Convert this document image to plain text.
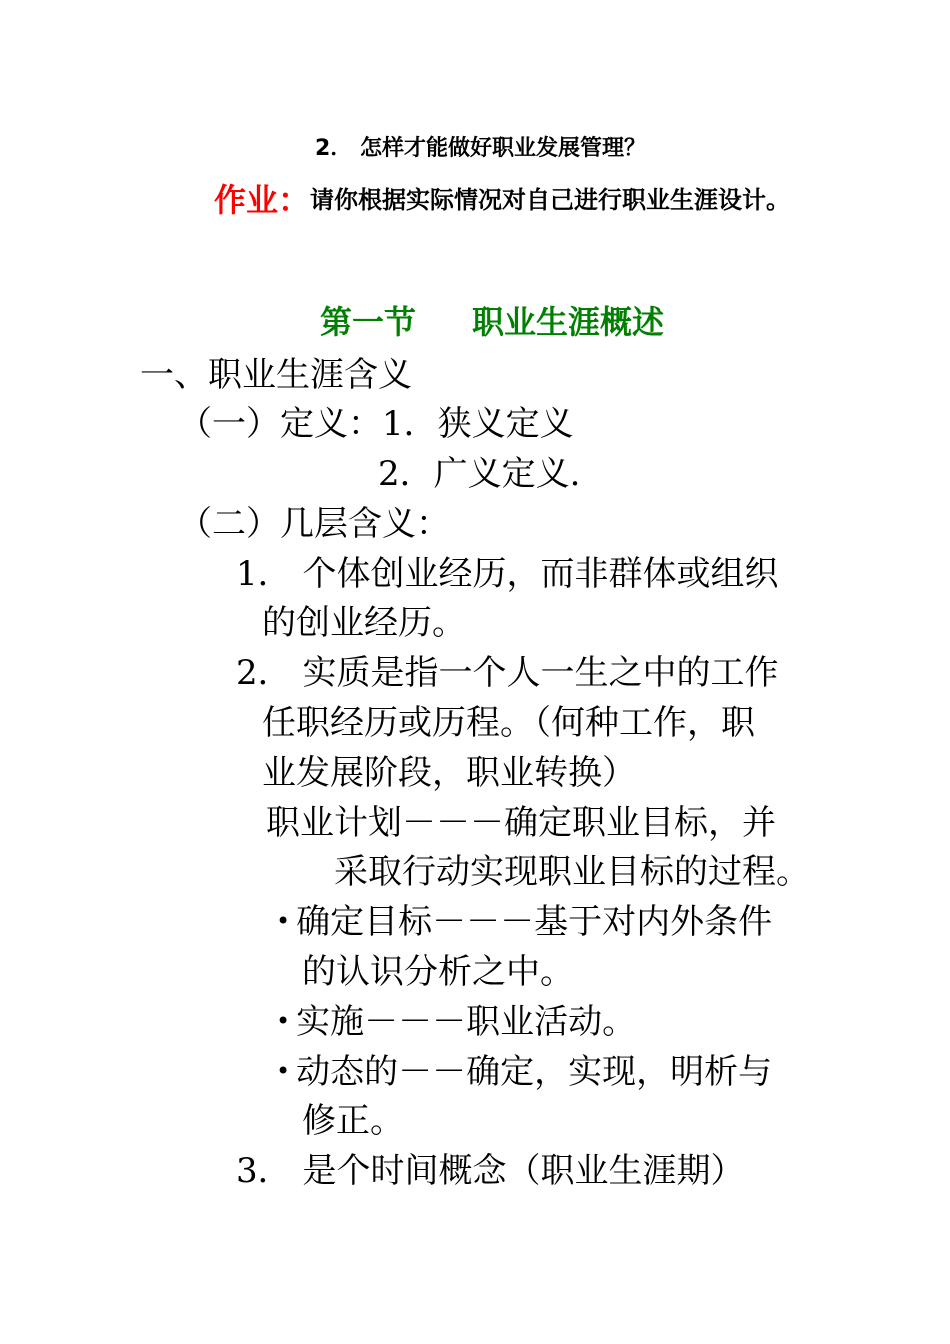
2． 怎样才能做好职业发展管理？
作业：请你根据实际情况对自己进行职业生涯设计。
第一节 职业生涯概述
一、职业生涯含义
（一）定义：1．狭义定义
2．广义定义.
（二）几层含义：
1． 个体创业经历，而非群体或组织
的创业经历。
2． 实质是指一个人一生之中的工作
任职经历或历程。（何种工作，职
业发展阶段，职业转换）
职业计划－－－确定职业目标，并
采取行动实现职业目标的过程。
• 确定目标－－－基于对内外条件
的认识分析之中。
• 实施－－－职业活动。
• 动态的－－确定，实现，明析与
修正。
3． 是个时间概念（职业生涯期）
